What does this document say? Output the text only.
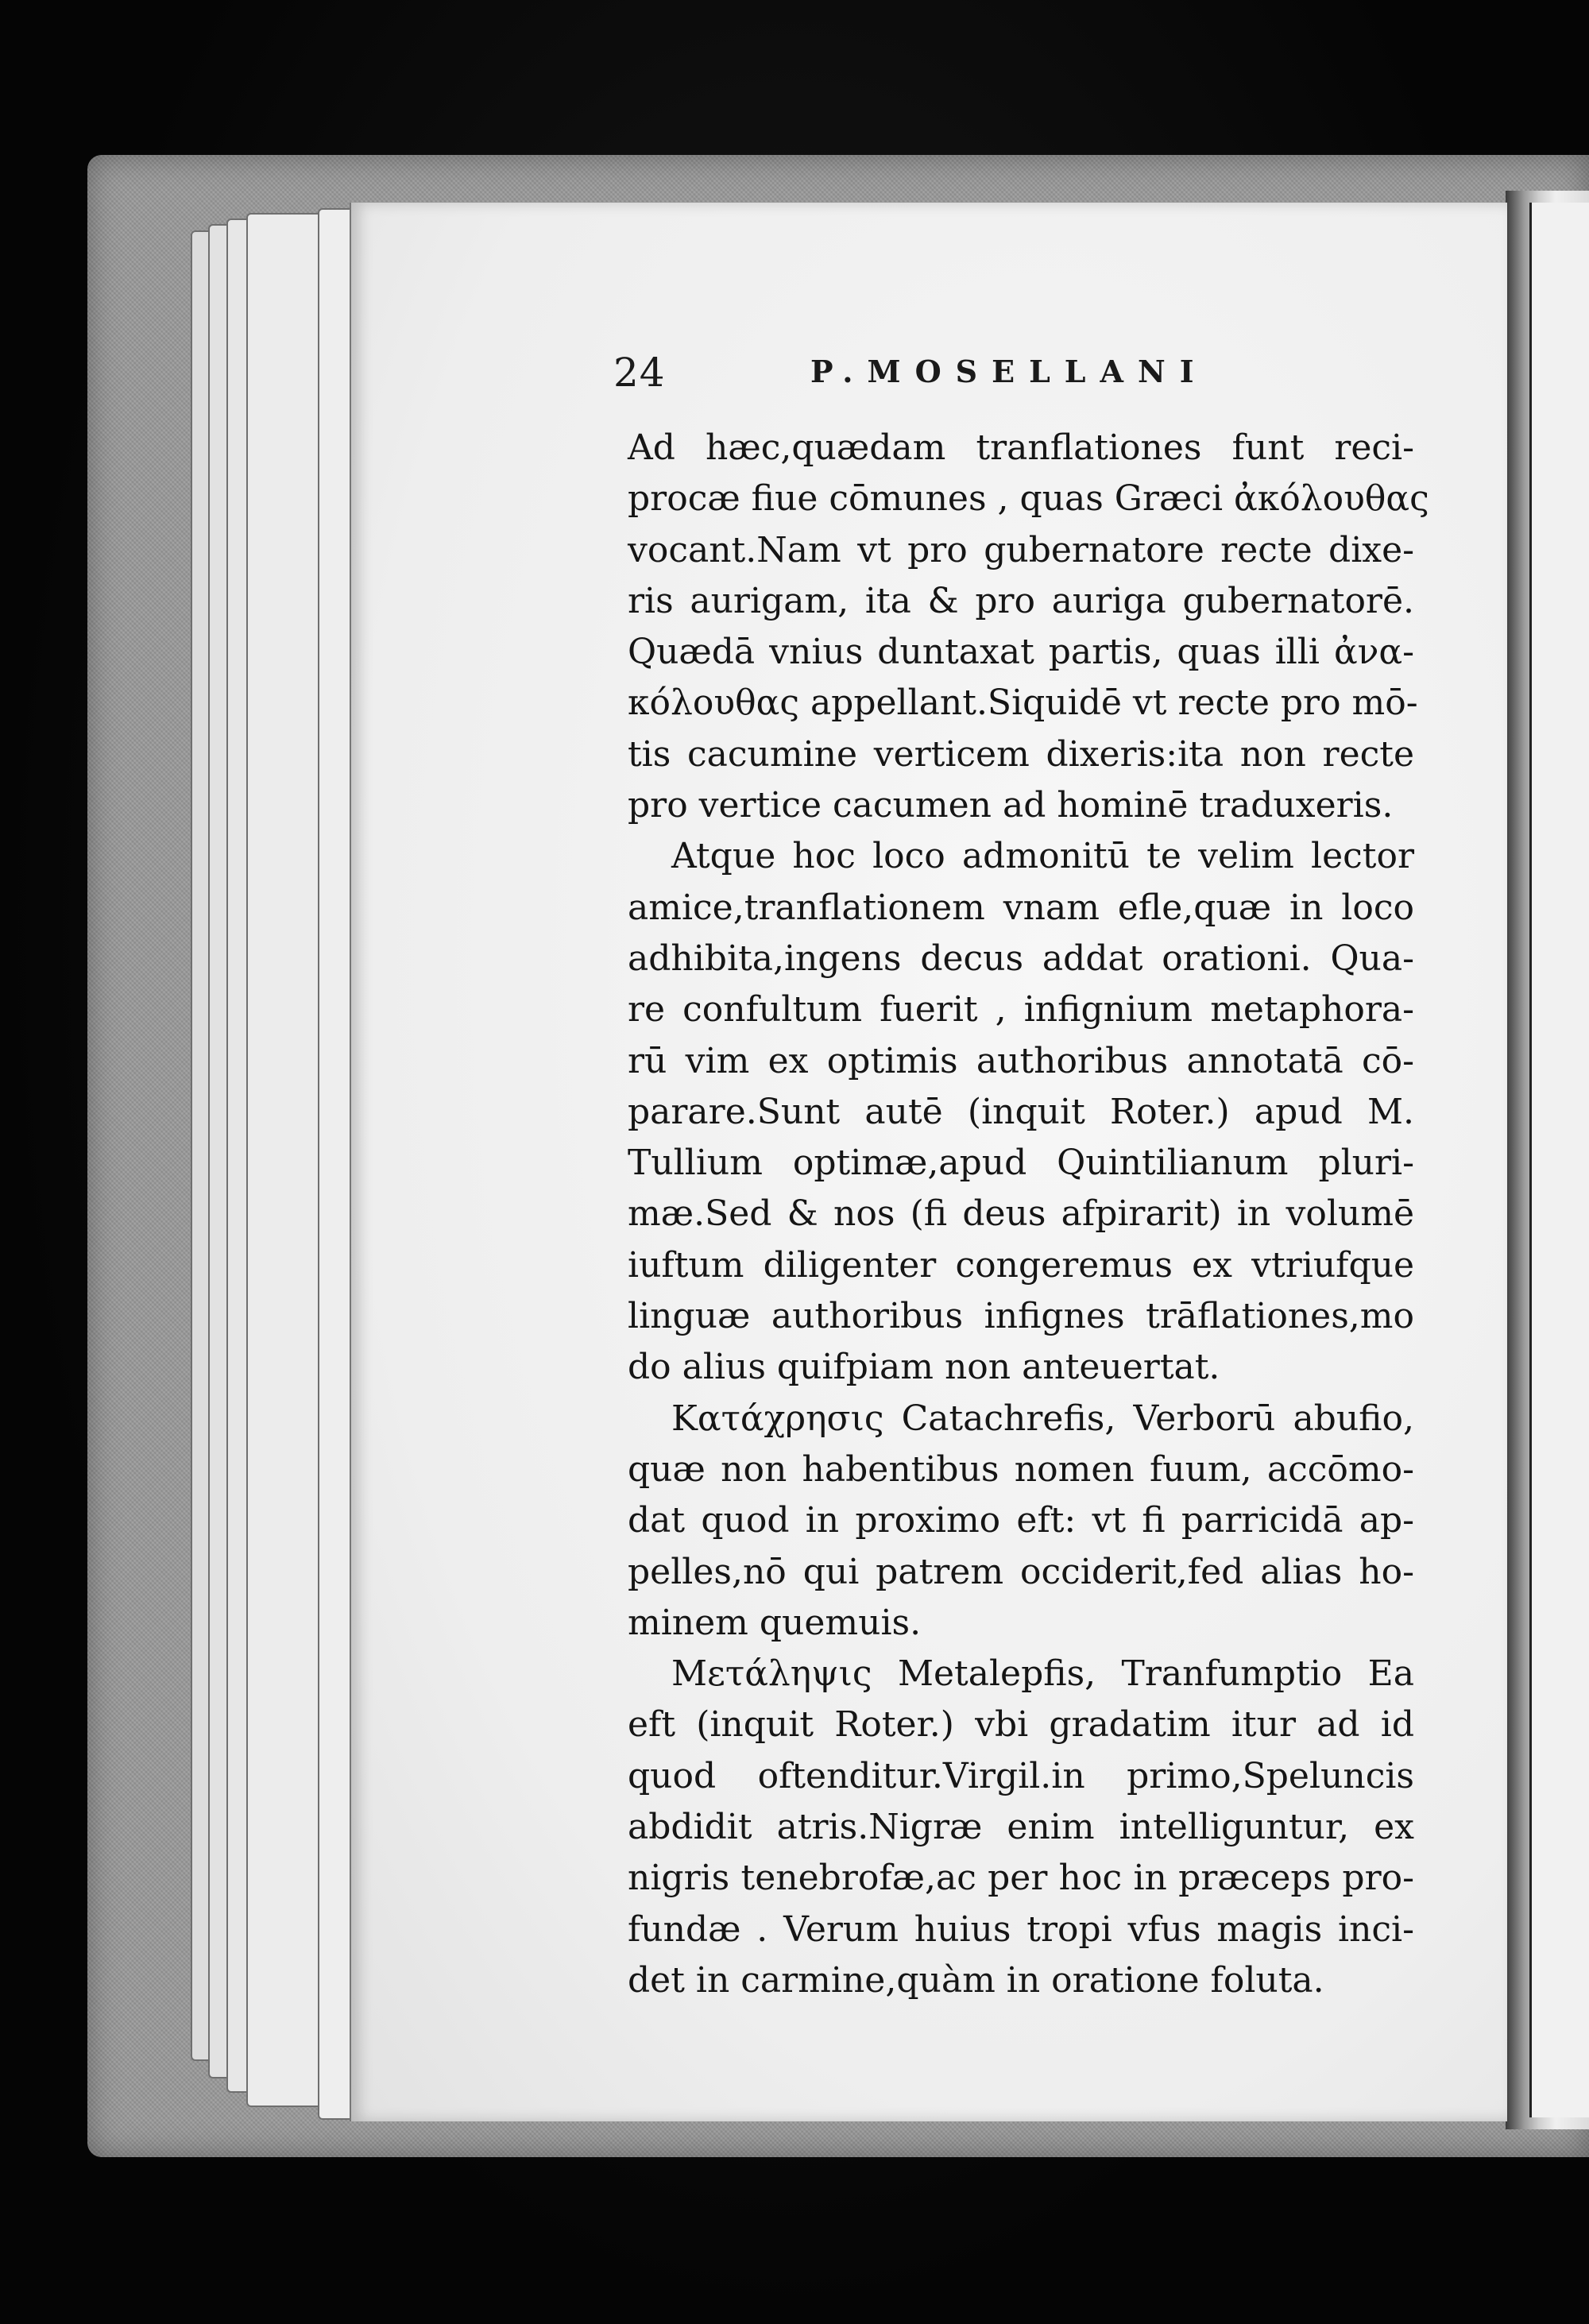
24	P.MOSELLANI
Ad hæc,quædam tranflationes funt reci-
procæ fiue cōmunes , quas Græci ἀκόλουθας
vocant.Nam vt pro gubernatore recte dixe-
ris aurigam, ita & pro auriga gubernatorē.
Quædā vnius duntaxat partis, quas illi ἀνα-
κόλουθας appellant.Siquidē vt recte pro mō-
tis cacumine verticem dixeris:ita non recte
pro vertice cacumen ad hominē traduxeris.
Atque hoc loco admonitū te velim lector
amice,tranflationem vnam efle,quæ in loco
adhibita,ingens decus addat orationi. Qua-
re confultum fuerit , infignium metaphora-
rū vim ex optimis authoribus annotatā cō-
parare.Sunt autē (inquit Roter.) apud M.
Tullium optimæ,apud Quintilianum pluri-
mæ.Sed & nos (fi deus afpirarit) in volumē
iuftum diligenter congeremus ex vtriufque
linguæ authoribus infignes trāflationes,mo
do alius quifpiam non anteuertat.
Κατάχρησις Catachrefis, Verborū abufio,
quæ non habentibus nomen fuum, accōmo-
dat quod in proximo eft: vt fi parricidā ap-
pelles,nō qui patrem occiderit,fed alias ho-
minem quemuis.
Μετάληψις Metalepfis, Tranfumptio Ea
eft (inquit Roter.) vbi gradatim itur ad id
quod oftenditur.Virgil.in primo,Speluncis
abdidit atris.Nigræ enim intelliguntur, ex
nigris tenebrofæ,ac per hoc in præceps pro-
fundæ . Verum huius tropi vfus magis inci-
det in carmine,quàm in oratione foluta.
